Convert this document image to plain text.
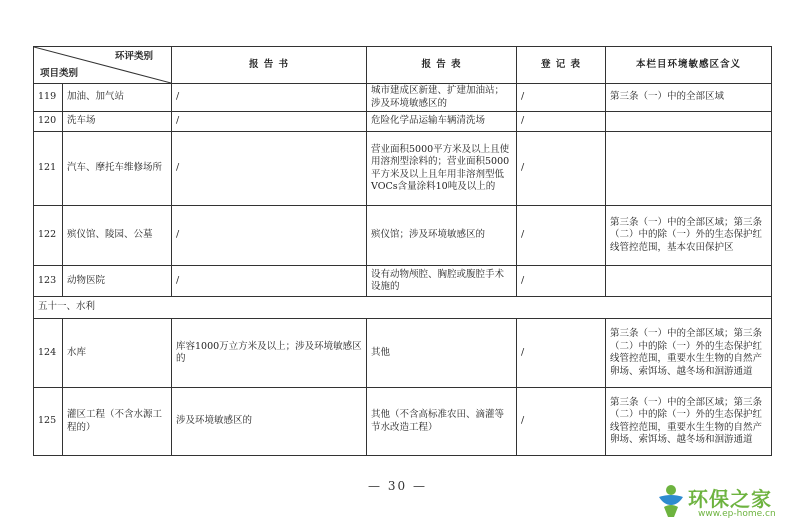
环评类别
项目类别		报 告 书	报 告 表	登 记 表	本栏目环境敏感区含义
119	加油、加气站	/	城市建成区新建、扩建加油站；涉及环境敏感区的	/	第三条（一）中的全部区域
120	洗车场	/	危险化学品运输车辆清洗场	/	
121	汽车、摩托车维修场所	/	营业面积5000平方米及以上且使用溶剂型涂料的；营业面积5000平方米及以上且年用非溶剂型低VOCs含量涂料10吨及以上的	/	
122	殡仪馆、陵园、公墓	/	殡仪馆；涉及环境敏感区的	/	第三条（一）中的全部区域；第三条（二）中的除（一）外的生态保护红线管控范围，基本农田保护区
123	动物医院	/	设有动物颅腔、胸腔或腹腔手术设施的	/	
五十一、水利					
124	水库	库容1000万立方米及以上；涉及环境敏感区的	其他	/	第三条（一）中的全部区域；第三条（二）中的除（一）外的生态保护红线管控范围，重要水生生物的自然产卵场、索饵场、越冬场和洄游通道
125	灌区工程（不含水源工程的）	涉及环境敏感区的	其他（不含高标准农田、滴灌等节水改造工程）	/	第三条（一）中的全部区域；第三条（二）中的除（一）外的生态保护红线管控范围，重要水生生物的自然产卵场、索饵场、越冬场和洄游通道
— 30 —
环保之家
www.ep-home.cn
